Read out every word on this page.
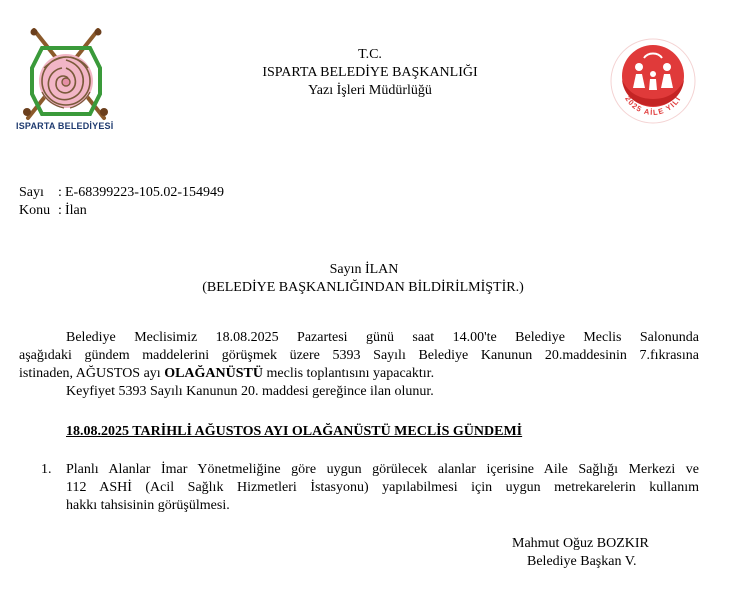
ISPARTA BELEDİYESİ
2025 AİLE YILI
T.C.
ISPARTA BELEDİYE BAŞKANLIĞI
Yazı İşleri Müdürlüğü
Sayı : E-68399223-105.02-154949
Konu : İlan
Sayın İLAN
(BELEDİYE BAŞKANLIĞINDAN BİLDİRİLMİŞTİR.)

Belediye Meclisimiz 18.08.2025 Pazartesi günü saat 14.00'te Belediye Meclis Salonunda

aşağıdaki gündem maddelerini görüşmek üzere 5393 Sayılı Belediye Kanunun 20.maddesinin 7.fıkrasına

istinaden, AĞUSTOS ayı OLAĞANÜSTÜ meclis toplantısını yapacaktır.

Keyfiyet 5393 Sayılı Kanunun 20. maddesi gereğince ilan olunur.

18.08.2025 TARİHLİ AĞUSTOS AYI OLAĞANÜSTÜ MECLİS GÜNDEMİ
1. Planlı Alanlar İmar Yönetmeliğine göre uygun görülecek alanlar içerisine Aile Sağlığı Merkezi ve

112 ASHİ (Acil Sağlık Hizmetleri İstasyonu) yapılabilmesi için uygun metrekarelerin kullanım

hakkı tahsisinin görüşülmesi.

Mahmut Oğuz BOZKIR
Belediye Başkan V.
